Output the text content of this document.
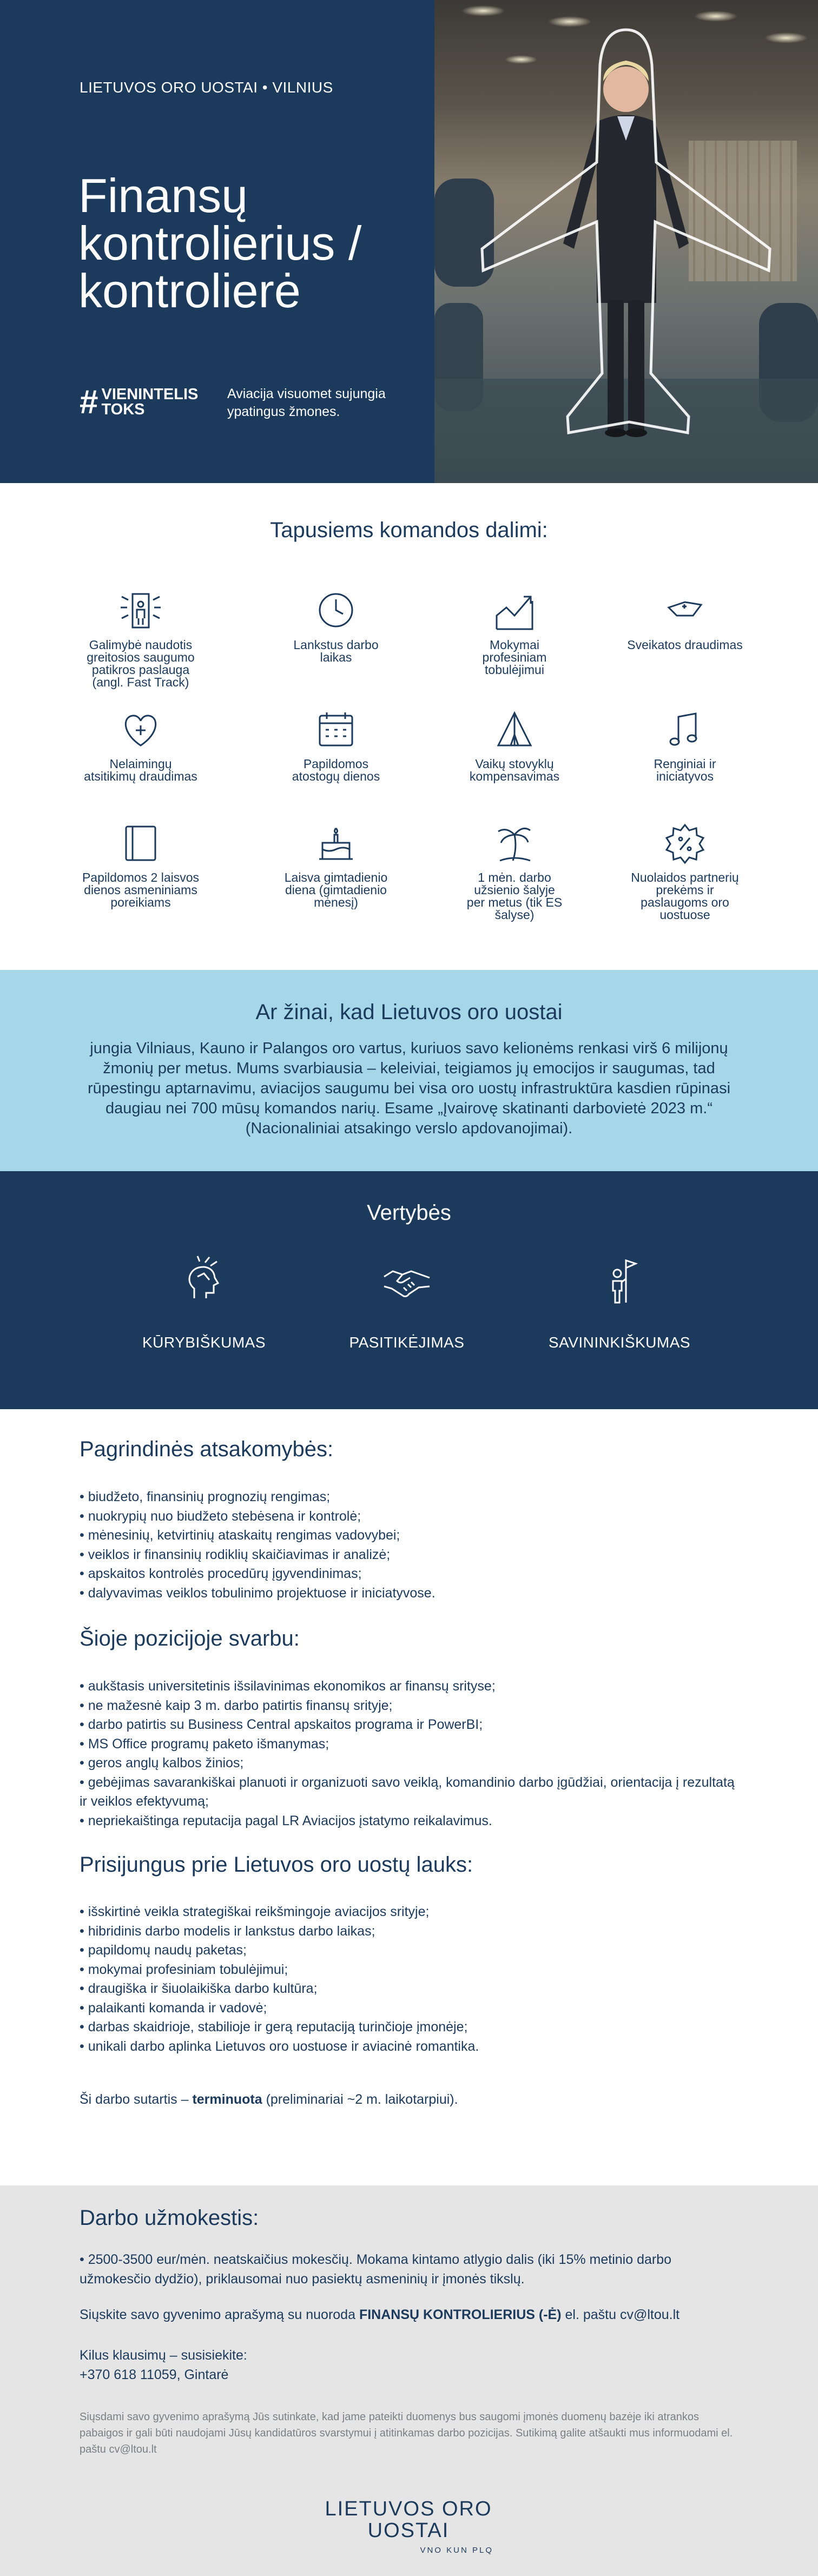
LIETUVOS ORO UOSTAI • VILNIUS
Finansų
kontrolierius /
kontrolierė
# VIENINTELIS
TOKS
Aviacija visuomet sujungia
ypatingus žmones.
Tapusiems komandos dalimi:
Galimybė naudotis
greitosios saugumo
patikros paslauga
(angl. Fast Track)
Lankstus darbo
laikas
Mokymai
profesiniam
tobulėjimui
Sveikatos draudimas
Nelaimingų
atsitikimų draudimas
Papildomos
atostogų dienos
Vaikų stovyklų
kompensavimas
Renginiai ir
iniciatyvos
Papildomos 2 laisvos
dienos asmeniniams
poreikiams
Laisva gimtadienio
diena (gimtadienio
mėnesį)
1 mėn. darbo
užsienio šalyje
per metus (tik ES
šalyse)
Nuolaidos partnerių
prekėms ir
paslaugoms oro
uostuose
Ar žinai, kad Lietuvos oro uostai

jungia Vilniaus, Kauno ir Palangos oro vartus, kuriuos savo kelionėms renkasi virš 6 milijonų žmonių per metus. Mums svarbiausia – keleiviai, teigiamos jų emocijos ir saugumas, tad rūpestingu aptarnavimu, aviacijos saugumu bei visa oro uostų infrastruktūra kasdien rūpinasi daugiau nei 700 mūsų komandos narių. Esame „Įvairovę skatinanti darbovietė 2023 m.“ (Nacionaliniai atsakingo verslo apdovanojimai).

Vertybės
KŪRYBIŠKUMAS	PASITIKĖJIMAS	SAVININKIŠKUMAS
Pagrindinės atsakomybės:
• biudžeto, finansinių prognozių rengimas;
• nuokrypių nuo biudžeto stebėsena ir kontrolė;
• mėnesinių, ketvirtinių ataskaitų rengimas vadovybei;
• veiklos ir finansinių rodiklių skaičiavimas ir analizė;
• apskaitos kontrolės procedūrų įgyvendinimas;
• dalyvavimas veiklos tobulinimo projektuose ir iniciatyvose.
Šioje pozicijoje svarbu:
• aukštasis universitetinis išsilavinimas ekonomikos ar finansų srityse;
• ne mažesnė kaip 3 m. darbo patirtis finansų srityje;
• darbo patirtis su Business Central apskaitos programa ir PowerBI;
• MS Office programų paketo išmanymas;
• geros anglų kalbos žinios;
• gebėjimas savarankiškai planuoti ir organizuoti savo veiklą, komandinio darbo įgūdžiai, orientacija į rezultatą ir veiklos efektyvumą;
• nepriekaištinga reputacija pagal LR Aviacijos įstatymo reikalavimus.
Prisijungus prie Lietuvos oro uostų lauks:
• išskirtinė veikla strategiškai reikšmingoje aviacijos srityje;
• hibridinis darbo modelis ir lankstus darbo laikas;
• papildomų naudų paketas;
• mokymai profesiniam tobulėjimui;
• draugiška ir šiuolaikiška darbo kultūra;
• palaikanti komanda ir vadovė;
• darbas skaidrioje, stabilioje ir gerą reputaciją turinčioje įmonėje;
• unikali darbo aplinka Lietuvos oro uostuose ir aviacinė romantika.
Ši darbo sutartis – terminuota (preliminariai ~2 m. laikotarpiui).
Darbo užmokestis:
• 2500-3500 eur/mėn. neatskaičius mokesčių. Mokama kintamo atlygio dalis (iki 15% metinio darbo užmokesčio dydžio), priklausomai nuo pasiektų asmeninių ir įmonės tikslų.
Siųskite savo gyvenimo aprašymą su nuoroda FINANSŲ KONTROLIERIUS (-Ė) el. paštu cv@ltou.lt
Kilus klausimų – susisiekite:
+370 618 11059, Gintarė
Siųsdami savo gyvenimo aprašymą Jūs sutinkate, kad jame pateikti duomenys bus saugomi įmonės duomenų bazėje iki atrankos pabaigos ir gali būti naudojami Jūsų kandidatūros svarstymui į atitinkamas darbo pozicijas. Sutikimą galite atšaukti mus informuodami el. paštu cv@ltou.lt
LIETUVOS ORO UOSTAI
VNO KUN PLQ
